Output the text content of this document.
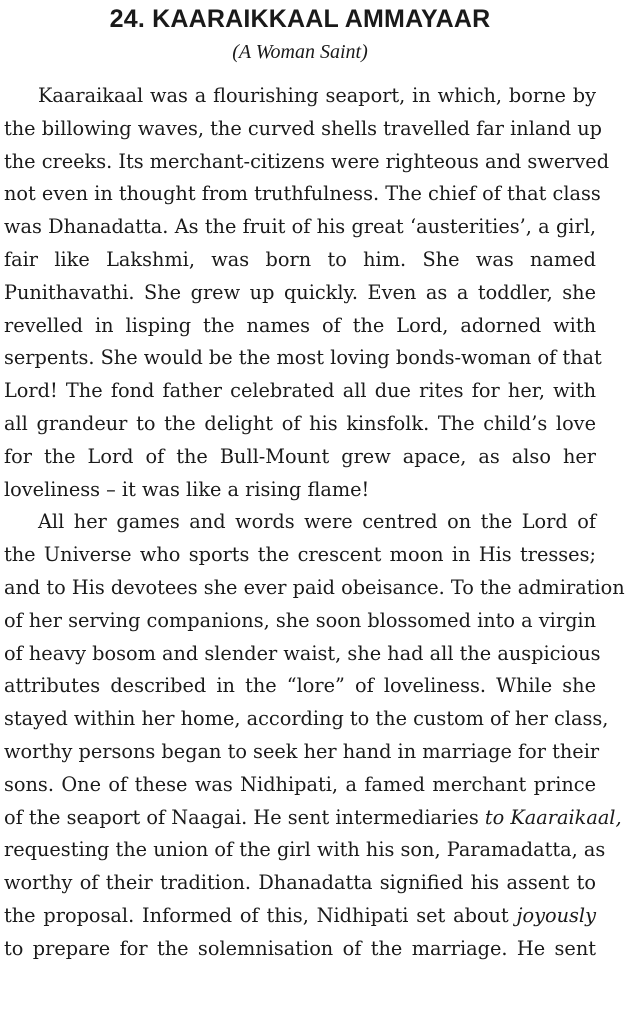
24. KAARAIKKAAL AMMAYAAR
(A Woman Saint)

Kaaraikaal was a flourishing seaport, in which, borne by
the billowing waves, the curved shells travelled far inland up
the creeks. Its merchant-citizens were righteous and swerved
not even in thought from truthfulness. The chief of that class
was Dhanadatta. As the fruit of his great ‘austerities’, a girl,
fair like Lakshmi, was born to him. She was named
Punithavathi. She grew up quickly. Even as a toddler, she
revelled in lisping the names of the Lord, adorned with
serpents. She would be the most loving bonds-woman of that
Lord! The fond father celebrated all due rites for her, with
all grandeur to the delight of his kinsfolk. The child’s love
for the Lord of the Bull-Mount grew apace, as also her
loveliness – it was like a rising flame!

All her games and words were centred on the Lord of
the Universe who sports the crescent moon in His tresses;
and to His devotees she ever paid obeisance. To the admiration
of her serving companions, she soon blossomed into a virgin
of heavy bosom and slender waist, she had all the auspicious
attributes described in the “lore” of loveliness. While she
stayed within her home, according to the custom of her class,
worthy persons began to seek her hand in marriage for their
sons. One of these was Nidhipati, a famed merchant prince
of the seaport of Naagai. He sent intermediaries to Kaaraikaal,
requesting the union of the girl with his son, Paramadatta, as
worthy of their tradition. Dhanadatta signified his assent to
the proposal. Informed of this, Nidhipati set about joyously
to prepare for the solemnisation of the marriage. He sent
